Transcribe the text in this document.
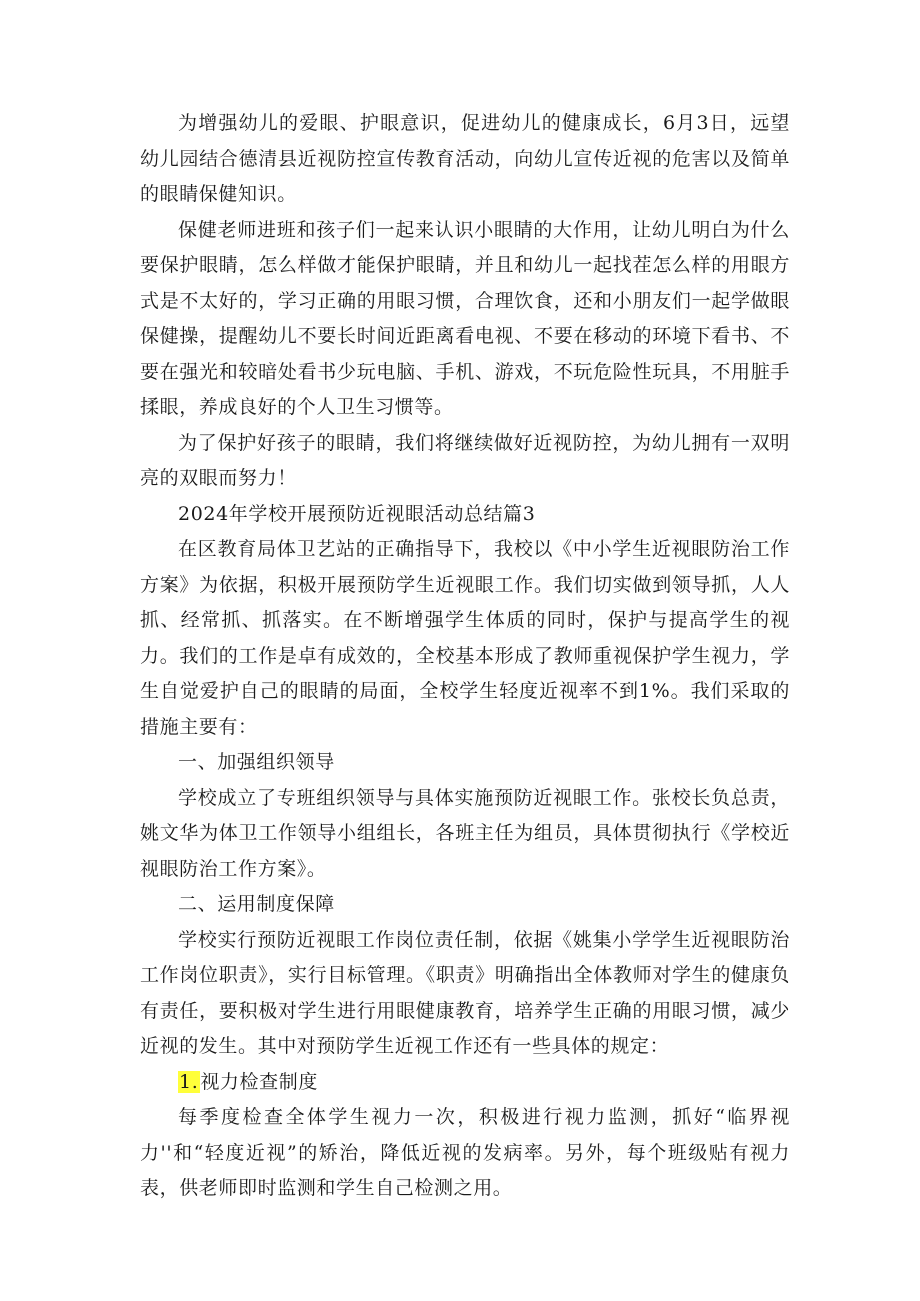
为增强幼儿的爱眼、护眼意识，促进幼儿的健康成长，6月3日，远望幼儿园结合德清县近视防控宣传教育活动，向幼儿宣传近视的危害以及简单的眼睛保健知识。

保健老师进班和孩子们一起来认识小眼睛的大作用，让幼儿明白为什么要保护眼睛，怎么样做才能保护眼睛，并且和幼儿一起找茬怎么样的用眼方式是不太好的，学习正确的用眼习惯，合理饮食，还和小朋友们一起学做眼保健操，提醒幼儿不要长时间近距离看电视、不要在移动的环境下看书、不要在强光和较暗处看书少玩电脑、手机、游戏，不玩危险性玩具，不用脏手揉眼，养成良好的个人卫生习惯等。

为了保护好孩子的眼睛，我们将继续做好近视防控，为幼儿拥有一双明亮的双眼而努力！

2024年学校开展预防近视眼活动总结篇3

在区教育局体卫艺站的正确指导下，我校以《中小学生近视眼防治工作方案》为依据，积极开展预防学生近视眼工作。我们切实做到领导抓，人人抓、经常抓、抓落实。在不断增强学生体质的同时，保护与提高学生的视力。我们的工作是卓有成效的，全校基本形成了教师重视保护学生视力，学生自觉爱护自己的眼睛的局面，全校学生轻度近视率不到1%。我们采取的措施主要有：

一、加强组织领导

学校成立了专班组织领导与具体实施预防近视眼工作。张校长负总责，姚文华为体卫工作领导小组组长，各班主任为组员，具体贯彻执行《学校近视眼防治工作方案》。

二、运用制度保障

学校实行预防近视眼工作岗位责任制，依据《姚集小学学生近视眼防治工作岗位职责》，实行目标管理。《职责》明确指出全体教师对学生的健康负有责任，要积极对学生进行用眼健康教育，培养学生正确的用眼习惯，减少近视的发生。其中对预防学生近视工作还有一些具体的规定：

1. 视力检查制度

每季度检查全体学生视力一次，积极进行视力监测，抓好“临界视力''和“轻度近视”的矫治，降低近视的发病率。另外，每个班级贴有视力表，供老师即时监测和学生自己检测之用。
